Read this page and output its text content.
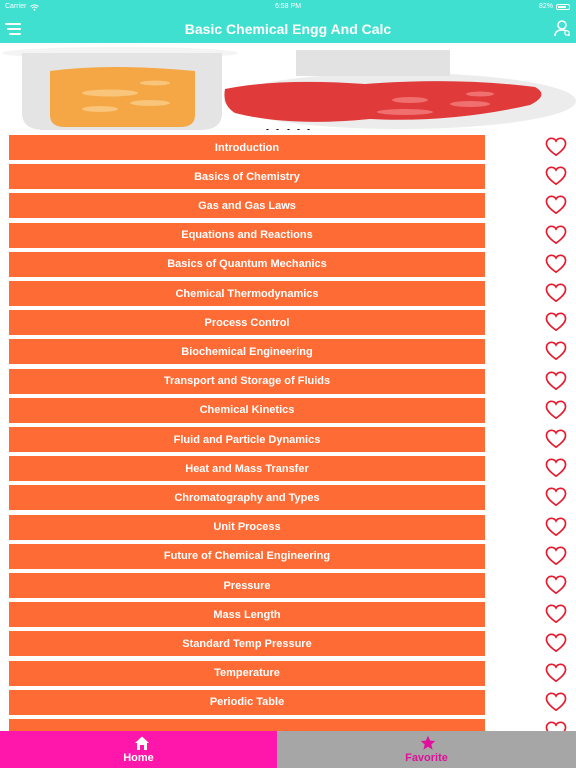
Carrier	6:58 PM	82%
Basic Chemical Engg And Calc

Introduction
Basics of Chemistry
Gas and Gas Laws
Equations and Reactions
Basics of Quantum Mechanics
Chemical Thermodynamics
Process Control
Biochemical Engineering
Transport and Storage of Fluids
Chemical Kinetics
Fluid and Particle Dynamics
Heat and Mass Transfer
Chromatography and Types
Unit Process
Future of Chemical Engineering
Pressure
Mass Length
Standard Temp Pressure
Temperature
Periodic Table
Home	Favorite
